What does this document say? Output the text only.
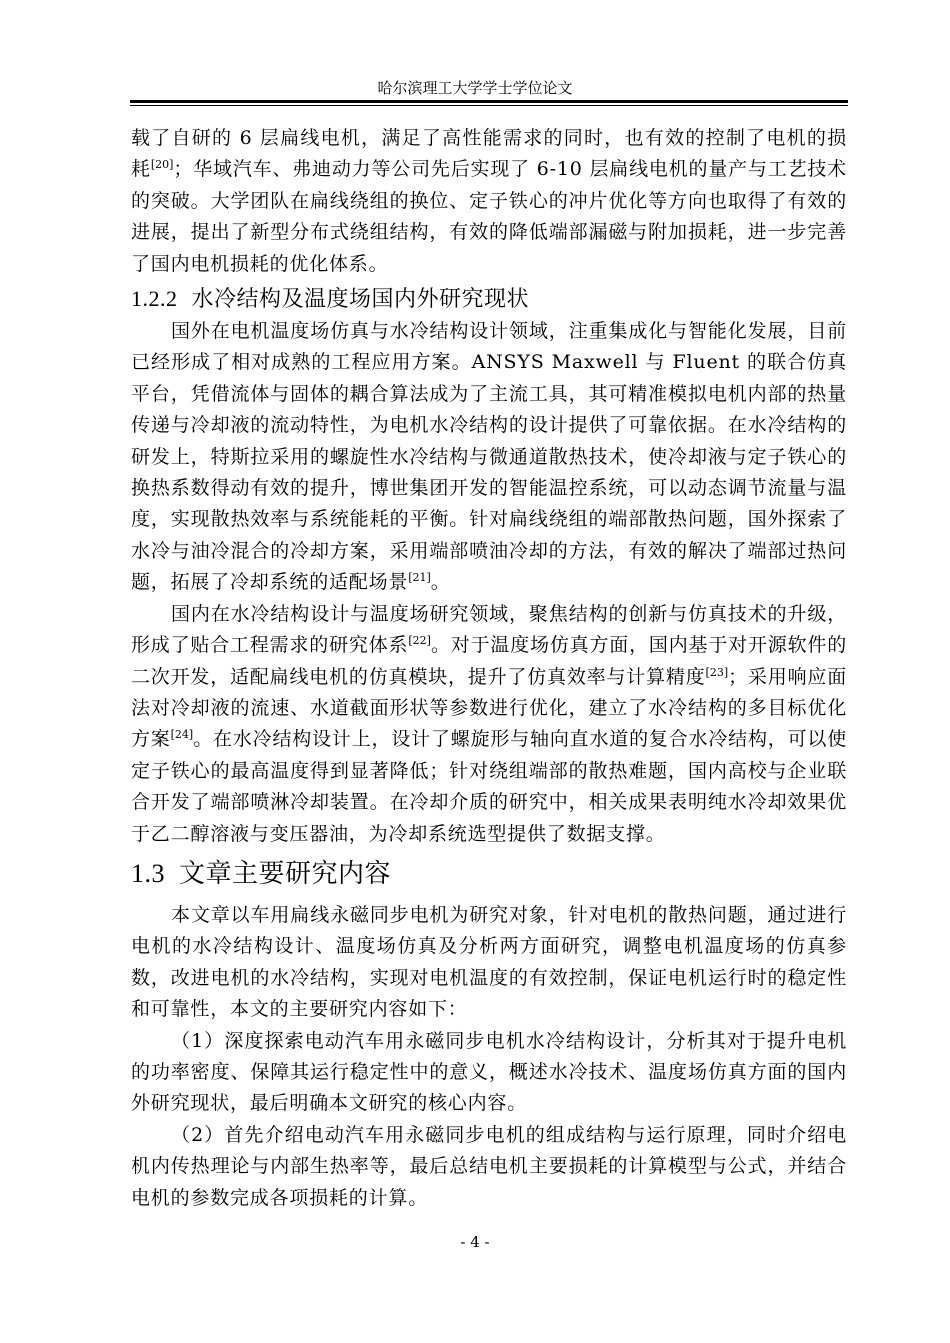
哈尔滨理工大学学士学位论文

载了自研的 6 层扁线电机，满足了高性能需求的同时，也有效的控制了电机的损耗[20]；华域汽车、弗迪动力等公司先后实现了 6-10 层扁线电机的量产与工艺技术的突破。大学团队在扁线绕组的换位、定子铁心的冲片优化等方向也取得了有效的进展，提出了新型分布式绕组结构，有效的降低端部漏磁与附加损耗，进一步完善了国内电机损耗的优化体系。

1.2.2 水冷结构及温度场国内外研究现状

国外在电机温度场仿真与水冷结构设计领域，注重集成化与智能化发展，目前已经形成了相对成熟的工程应用方案。ANSYS Maxwell 与 Fluent 的联合仿真平台，凭借流体与固体的耦合算法成为了主流工具，其可精准模拟电机内部的热量传递与冷却液的流动特性，为电机水冷结构的设计提供了可靠依据。在水冷结构的研发上，特斯拉采用的螺旋性水冷结构与微通道散热技术，使冷却液与定子铁心的换热系数得动有效的提升，博世集团开发的智能温控系统，可以动态调节流量与温度，实现散热效率与系统能耗的平衡。针对扁线绕组的端部散热问题，国外探索了水冷与油冷混合的冷却方案，采用端部喷油冷却的方法，有效的解决了端部过热问题，拓展了冷却系统的适配场景[21]。

国内在水冷结构设计与温度场研究领域，聚焦结构的创新与仿真技术的升级，形成了贴合工程需求的研究体系[22]。对于温度场仿真方面，国内基于对开源软件的二次开发，适配扁线电机的仿真模块，提升了仿真效率与计算精度[23]；采用响应面法对冷却液的流速、水道截面形状等参数进行优化，建立了水冷结构的多目标优化方案[24]。在水冷结构设计上，设计了螺旋形与轴向直水道的复合水冷结构，可以使定子铁心的最高温度得到显著降低；针对绕组端部的散热难题，国内高校与企业联合开发了端部喷淋冷却装置。在冷却介质的研究中，相关成果表明纯水冷却效果优于乙二醇溶液与变压器油，为冷却系统选型提供了数据支撑。

1.3 文章主要研究内容

本文章以车用扁线永磁同步电机为研究对象，针对电机的散热问题，通过进行电机的水冷结构设计、温度场仿真及分析两方面研究，调整电机温度场的仿真参数，改进电机的水冷结构，实现对电机温度的有效控制，保证电机运行时的稳定性和可靠性，本文的主要研究内容如下：

（1）深度探索电动汽车用永磁同步电机水冷结构设计，分析其对于提升电机的功率密度、保障其运行稳定性中的意义，概述水冷技术、温度场仿真方面的国内外研究现状，最后明确本文研究的核心内容。

（2）首先介绍电动汽车用永磁同步电机的组成结构与运行原理，同时介绍电机内传热理论与内部生热率等，最后总结电机主要损耗的计算模型与公式，并结合电机的参数完成各项损耗的计算。

- 4 -
